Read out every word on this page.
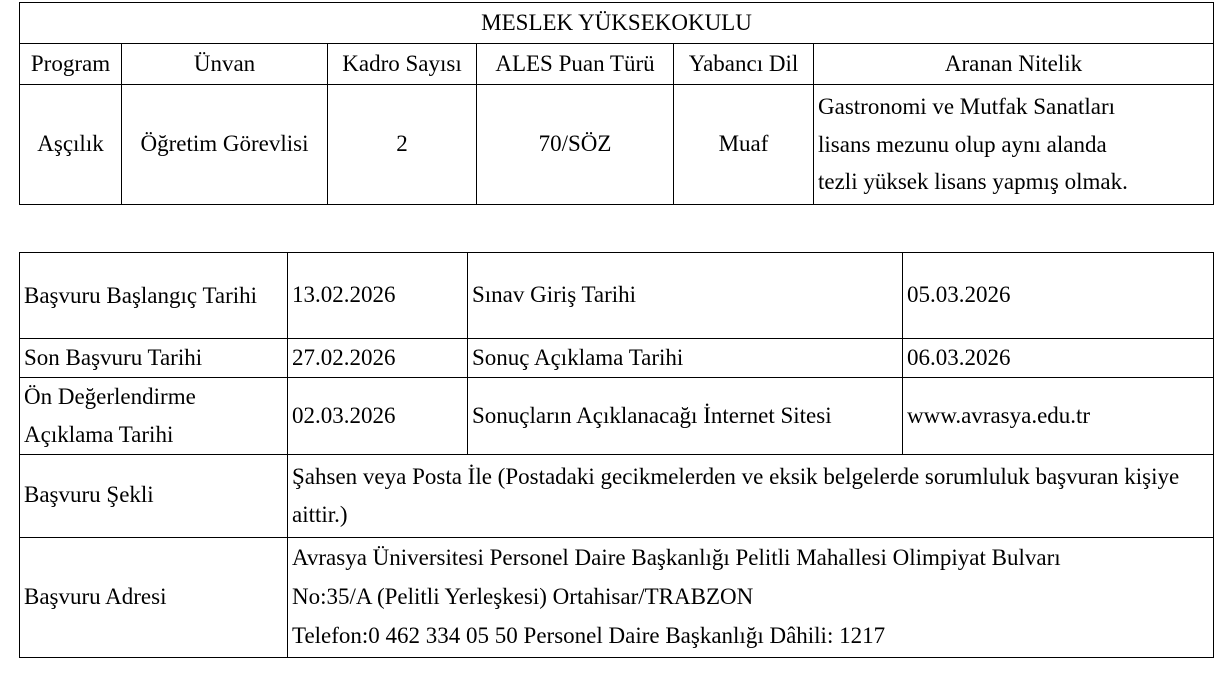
MESLEK YÜKSEKOKULU					
Program	Ünvan	Kadro Sayısı	ALES Puan Türü	Yabancı Dil	Aranan Nitelik
Aşçılık	Öğretim Görevlisi	2	70/SÖZ	Muaf	Gastronomi ve Mutfak Sanatları
lisans mezunu olup aynı alanda
tezli yüksek lisans yapmış olmak.
Başvuru Başlangıç Tarihi	13.02.2026	Sınav Giriş Tarihi	05.03.2026
Son Başvuru Tarihi	27.02.2026	Sonuç Açıklama Tarihi	06.03.2026
Ön Değerlendirme Açıklama Tarihi	02.03.2026	Sonuçların Açıklanacağı İnternet Sitesi	www.avrasya.edu.tr
Başvuru Şekli	Şahsen veya Posta İle (Postadaki gecikmelerden ve eksik belgelerde sorumluluk başvuran kişiye aittir.)		
Başvuru Adresi	Avrasya Üniversitesi Personel Daire Başkanlığı Pelitli Mahallesi Olimpiyat Bulvarı
No:35/A (Pelitli Yerleşkesi) Ortahisar/TRABZON
Telefon:0 462 334 05 50 Personel Daire Başkanlığı Dâhili: 1217		
